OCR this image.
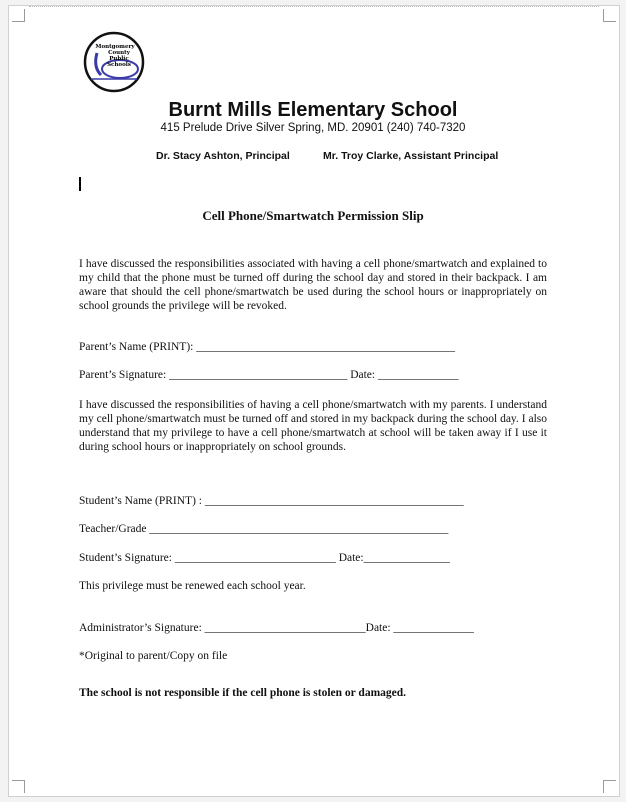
Montgomery
County
Public
Schools
Burnt Mills Elementary School
415 Prelude Drive Silver Spring, MD. 20901 (240) 740-7320
Dr. Stacy Ashton, Principal	Mr. Troy Clarke, Assistant Principal
Cell Phone/Smartwatch Permission Slip

I have discussed the responsibilities associated with having a cell phone/smartwatch and explained to my child that the phone must be turned off during the school day and stored in their backpack. I am aware that should the cell phone/smartwatch be used during the school hours or inappropriately on school grounds the privilege will be revoked.

Parent’s Name (PRINT): _____________________________________________
Parent’s Signature: _______________________________ Date: ______________

I have discussed the responsibilities of having a cell phone/smartwatch with my parents. I understand my cell phone/smartwatch must be turned off and stored in my backpack during the school day. I also understand that my privilege to have a cell phone/smartwatch at school will be taken away if I use it during school hours or inappropriately on school grounds.

Student’s Name (PRINT) : _____________________________________________
Teacher/Grade ____________________________________________________
Student’s Signature: ____________________________ Date:_______________
This privilege must be renewed each school year.
Administrator’s Signature: ____________________________Date: ______________
*Original to parent/Copy on file
The school is not responsible if the cell phone is stolen or damaged.
